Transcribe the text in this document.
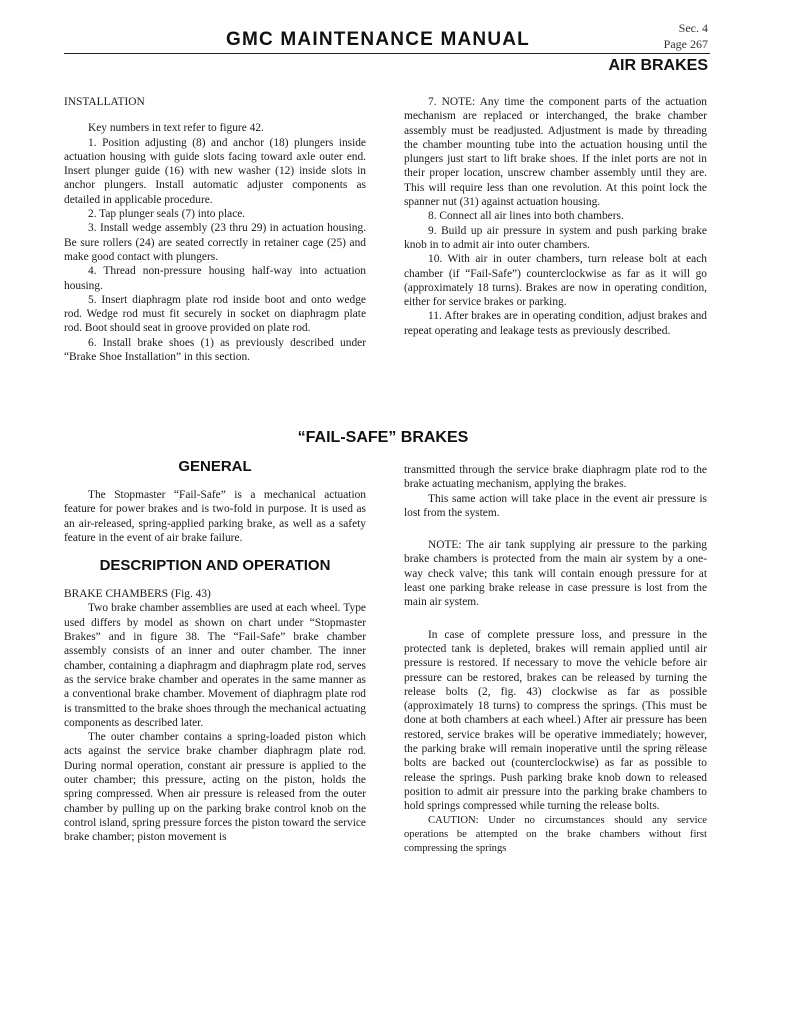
GMC MAINTENANCE MANUAL
Sec. 4
Page 267
AIR BRAKES

INSTALLATION

Key numbers in text refer to figure 42.

1. Position adjusting (8) and anchor (18) plungers inside actuation housing with guide slots facing toward axle outer end. Insert plunger guide (16) with new washer (12) inside slots in anchor plungers. Install automatic adjuster components as detailed in applicable procedure.

2. Tap plunger seals (7) into place.

3. Install wedge assembly (23 thru 29) in actuation housing. Be sure rollers (24) are seated correctly in retainer cage (25) and make good contact with plungers.

4. Thread non-pressure housing half-way into actuation housing.

5. Insert diaphragm plate rod inside boot and onto wedge rod. Wedge rod must fit securely in socket on diaphragm plate rod. Boot should seat in groove provided on plate rod.

6. Install brake shoes (1) as previously described under “Brake Shoe Installation” in this section.

7. NOTE: Any time the component parts of the actuation mechanism are replaced or interchanged, the brake chamber assembly must be readjusted. Adjustment is made by threading the chamber mounting tube into the actuation housing until the plungers just start to lift brake shoes. If the inlet ports are not in their proper location, unscrew chamber assembly until they are. This will require less than one revolution. At this point lock the spanner nut (31) against actuation housing.

8. Connect all air lines into both chambers.

9. Build up air pressure in system and push parking brake knob in to admit air into outer chambers.

10. With air in outer chambers, turn release bolt at each chamber (if “Fail-Safe”) counterclockwise as far as it will go (approximately 18 turns). Brakes are now in operating condition, either for service brakes or parking.

11. After brakes are in operating condition, adjust brakes and repeat operating and leakage tests as previously described.

“FAIL-SAFE” BRAKES
GENERAL

The Stopmaster “Fail-Safe” is a mechanical actuation feature for power brakes and is two-fold in purpose. It is used as an air-released, spring-applied parking brake, as well as a safety feature in the event of air brake failure.

DESCRIPTION AND OPERATION

BRAKE CHAMBERS (Fig. 43)

Two brake chamber assemblies are used at each wheel. Type used differs by model as shown on chart under “Stopmaster Brakes” and in figure 38. The “Fail-Safe” brake chamber assembly consists of an inner and outer chamber. The inner chamber, containing a diaphragm and diaphragm plate rod, serves as the service brake chamber and operates in the same manner as a conventional brake chamber. Movement of diaphragm plate rod is transmitted to the brake shoes through the mechanical actuating components as described later.

The outer chamber contains a spring-loaded piston which acts against the service brake chamber diaphragm plate rod. During normal operation, constant air pressure is applied to the outer chamber; this pressure, acting on the piston, holds the spring compressed. When air pressure is released from the outer chamber by pulling up on the parking brake control knob on the control island, spring pressure forces the piston toward the service brake chamber; piston movement is

transmitted through the service brake diaphragm plate rod to the brake actuating mechanism, applying the brakes.

This same action will take place in the event air pressure is lost from the system.

NOTE: The air tank supplying air pressure to the parking brake chambers is protected from the main air system by a one-way check valve; this tank will contain enough pressure for at least one parking brake release in case pressure is lost from the main air system.

In case of complete pressure loss, and pressure in the protected tank is depleted, brakes will remain applied until air pressure is restored. If necessary to move the vehicle before air pressure can be restored, brakes can be released by turning the release bolts (2, fig. 43) clockwise as far as possible (approximately 18 turns) to compress the springs. (This must be done at both chambers at each wheel.) After air pressure has been restored, service brakes will be operative immediately; however, the parking brake will remain inoperative until the spring rëlease bolts are backed out (counterclockwise) as far as possible to release the springs. Push parking brake knob down to released position to admit air pressure into the parking brake chambers to hold springs compressed while turning the release bolts.

CAUTION: Under no circumstances should any service operations be attempted on the brake chambers without first compressing the springs
